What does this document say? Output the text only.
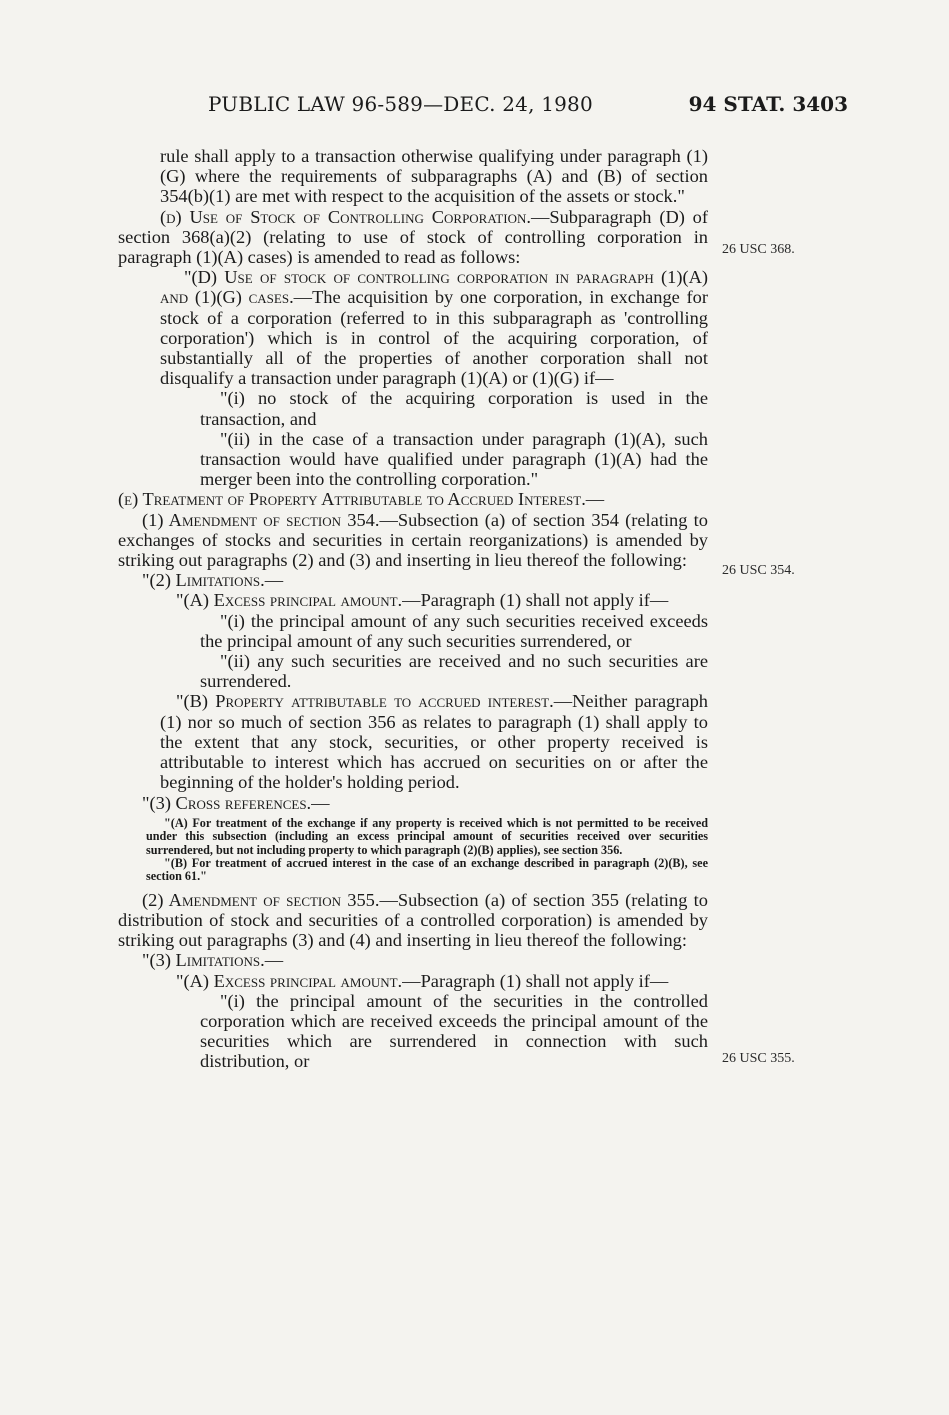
PUBLIC LAW 96-589—DEC. 24, 1980	94 STAT. 3403
26 USC 368.
26 USC 354.
26 USC 355.

rule shall apply to a transaction otherwise qualifying under paragraph (1)(G) where the requirements of subparagraphs (A) and (B) of section 354(b)(1) are met with respect to the acquisition of the assets or stock."

(d) Use of Stock of Controlling Corporation.—Subparagraph (D) of section 368(a)(2) (relating to use of stock of controlling corporation in paragraph (1)(A) cases) is amended to read as follows:

"(D) Use of stock of controlling corporation in paragraph (1)(A) and (1)(G) cases.—The acquisition by one corporation, in exchange for stock of a corporation (referred to in this subparagraph as 'controlling corporation') which is in control of the acquiring corporation, of substantially all of the properties of another corporation shall not disqualify a transaction under paragraph (1)(A) or (1)(G) if—

"(i) no stock of the acquiring corporation is used in the transaction, and

"(ii) in the case of a transaction under paragraph (1)(A), such transaction would have qualified under paragraph (1)(A) had the merger been into the controlling corporation."

(e) Treatment of Property Attributable to Accrued Interest.—

(1) Amendment of section 354.—Subsection (a) of section 354 (relating to exchanges of stocks and securities in certain reorganizations) is amended by striking out paragraphs (2) and (3) and inserting in lieu thereof the following:

"(2) Limitations.—

"(A) Excess principal amount.—Paragraph (1) shall not apply if—

"(i) the principal amount of any such securities received exceeds the principal amount of any such securities surrendered, or

"(ii) any such securities are received and no such securities are surrendered.

"(B) Property attributable to accrued interest.—Neither paragraph (1) nor so much of section 356 as relates to paragraph (1) shall apply to the extent that any stock, securities, or other property received is attributable to interest which has accrued on securities on or after the beginning of the holder's holding period.

"(3) Cross references.—

"(A) For treatment of the exchange if any property is received which is not permitted to be received under this subsection (including an excess principal amount of securities received over securities surrendered, but not including property to which paragraph (2)(B) applies), see section 356.

"(B) For treatment of accrued interest in the case of an exchange described in paragraph (2)(B), see section 61."

(2) Amendment of section 355.—Subsection (a) of section 355 (relating to distribution of stock and securities of a controlled corporation) is amended by striking out paragraphs (3) and (4) and inserting in lieu thereof the following:

"(3) Limitations.—

"(A) Excess principal amount.—Paragraph (1) shall not apply if—

"(i) the principal amount of the securities in the controlled corporation which are received exceeds the principal amount of the securities which are surrendered in connection with such distribution, or
